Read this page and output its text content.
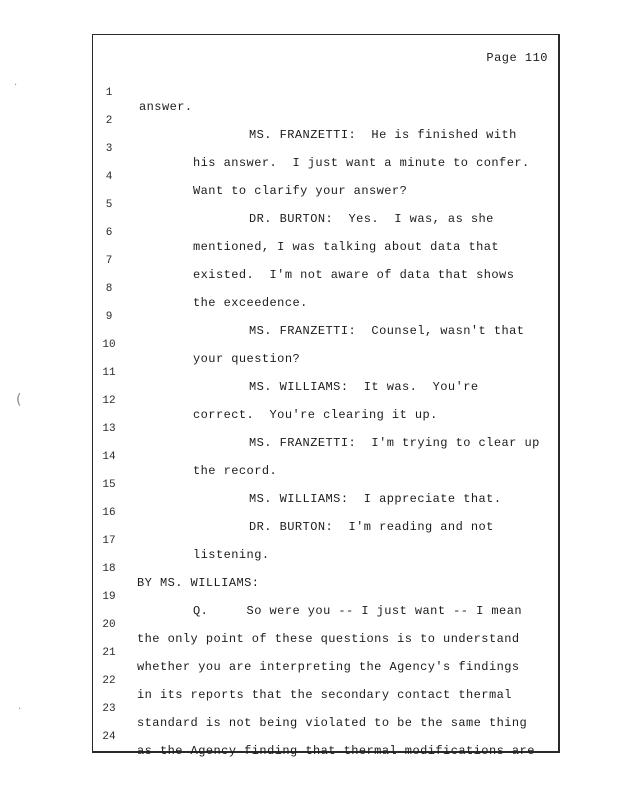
·
(
·
Page 110

1

answer.

2

MS. FRANZETTI:  He is finished with

3

his answer.  I just want a minute to confer.

4

Want to clarify your answer?

5

DR. BURTON:  Yes.  I was, as she

6

mentioned, I was talking about data that

7

existed.  I'm not aware of data that shows

8

the exceedence.

9

MS. FRANZETTI:  Counsel, wasn't that

10

your question?

11

MS. WILLIAMS:  It was.  You're

12

correct.  You're clearing it up.

13

MS. FRANZETTI:  I'm trying to clear up

14

the record.

15

MS. WILLIAMS:  I appreciate that.

16

DR. BURTON:  I'm reading and not

17

listening.

18

BY MS. WILLIAMS:

19

Q.     So were you -- I just want -- I mean

20

the only point of these questions is to understand

21

whether you are interpreting the Agency's findings

22

in its reports that the secondary contact thermal

23

standard is not being violated to be the same thing

24

as the Agency finding that thermal modifications are
